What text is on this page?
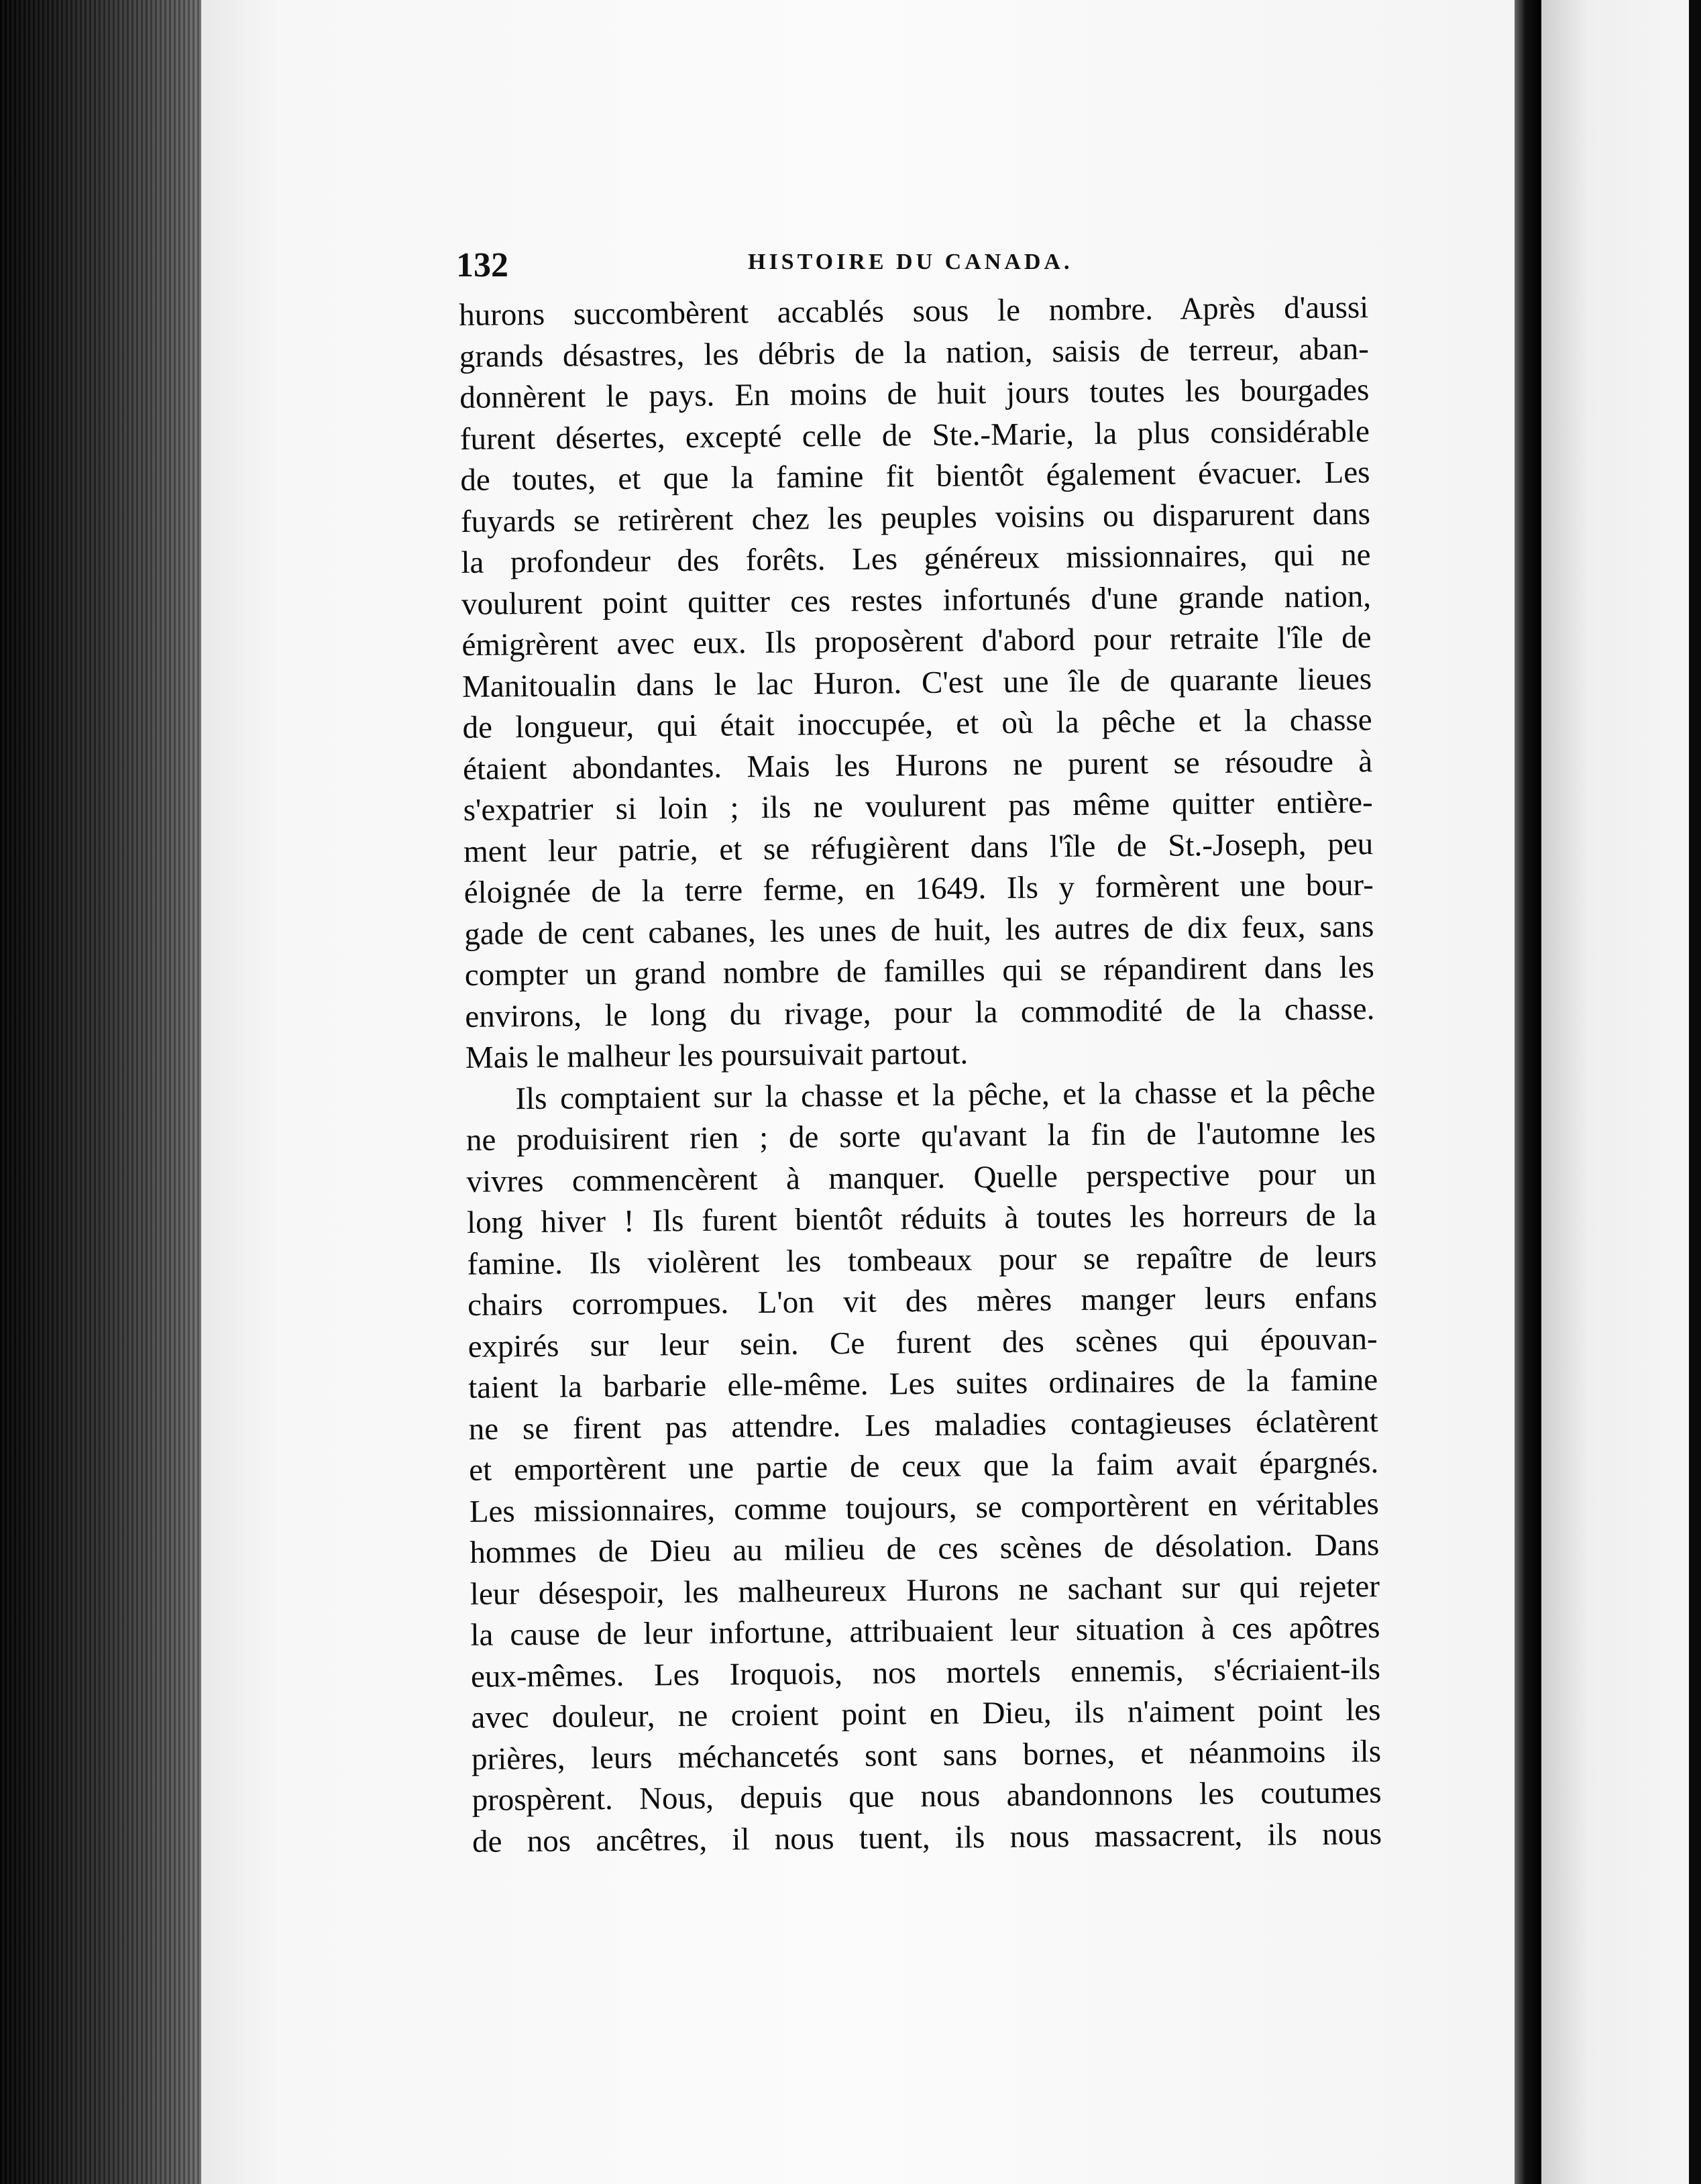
132	HISTOIRE DU CANADA.
hurons succombèrent accablés sous le nombre. Après d'aussi
grands désastres, les débris de la nation, saisis de terreur, aban-
donnèrent le pays. En moins de huit jours toutes les bourgades
furent désertes, excepté celle de Ste.-Marie, la plus considérable
de toutes, et que la famine fit bientôt également évacuer. Les
fuyards se retirèrent chez les peuples voisins ou disparurent dans
la profondeur des forêts. Les généreux missionnaires, qui ne
voulurent point quitter ces restes infortunés d'une grande nation,
émigrèrent avec eux. Ils proposèrent d'abord pour retraite l'île de
Manitoualin dans le lac Huron. C'est une île de quarante lieues
de longueur, qui était inoccupée, et où la pêche et la chasse
étaient abondantes. Mais les Hurons ne purent se résoudre à
s'expatrier si loin ; ils ne voulurent pas même quitter entière-
ment leur patrie, et se réfugièrent dans l'île de St.-Joseph, peu
éloignée de la terre ferme, en 1649. Ils y formèrent une bour-
gade de cent cabanes, les unes de huit, les autres de dix feux, sans
compter un grand nombre de familles qui se répandirent dans les
environs, le long du rivage, pour la commodité de la chasse.
Mais le malheur les poursuivait partout.
Ils comptaient sur la chasse et la pêche, et la chasse et la pêche
ne produisirent rien ; de sorte qu'avant la fin de l'automne les
vivres commencèrent à manquer. Quelle perspective pour un
long hiver ! Ils furent bientôt réduits à toutes les horreurs de la
famine. Ils violèrent les tombeaux pour se repaître de leurs
chairs corrompues. L'on vit des mères manger leurs enfans
expirés sur leur sein. Ce furent des scènes qui épouvan-
taient la barbarie elle-même. Les suites ordinaires de la famine
ne se firent pas attendre. Les maladies contagieuses éclatèrent
et emportèrent une partie de ceux que la faim avait épargnés.
Les missionnaires, comme toujours, se comportèrent en véritables
hommes de Dieu au milieu de ces scènes de désolation. Dans
leur désespoir, les malheureux Hurons ne sachant sur qui rejeter
la cause de leur infortune, attribuaient leur situation à ces apôtres
eux-mêmes. Les Iroquois, nos mortels ennemis, s'écriaient-ils
avec douleur, ne croient point en Dieu, ils n'aiment point les
prières, leurs méchancetés sont sans bornes, et néanmoins ils
prospèrent. Nous, depuis que nous abandonnons les coutumes
de nos ancêtres, il nous tuent, ils nous massacrent, ils nous
